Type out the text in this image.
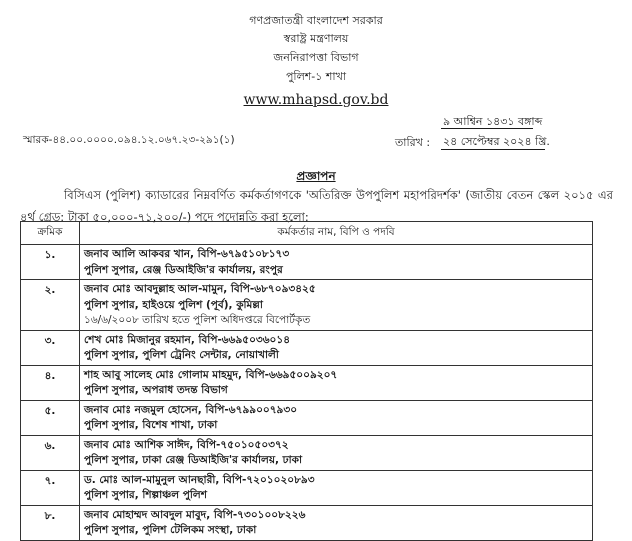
গণপ্রজাতন্ত্রী বাংলাদেশ সরকার
স্বরাষ্ট্র মন্ত্রণালয়
জননিরাপত্তা বিভাগ
পুলিশ-১ শাখা
www.mhapsd.gov.bd
স্মারক-৪৪.০০.০০০০.০৯৪.১২.০৬৭.২৩-২৯১(১)	তারিখ :
৯ আশ্বিন ১৪৩১ বঙ্গাব্দ
২৪ সেপ্টেম্বর ২০২৪ খ্রি.
প্রজ্ঞাপন
বিসিএস (পুলিশ) ক্যাডারের নিম্নবর্ণিত কর্মকর্তাগণকে 'অতিরিক্ত উপপুলিশ মহাপরিদর্শক' (জাতীয় বেতন স্কেল ২০১৫ এর ৪র্থ গ্রেড: টাকা ৫০,০০০-৭১,২০০/-) পদে পদোন্নতি করা হলো:
ক্রমিক	কর্মকর্তার নাম, বিপি ও পদবি
১.	জনাব আলি আকবর খান, বিপি-৬৭৯৫১০৮১৭৩
পুলিশ সুপার, রেঞ্জ ডিআইজি'র কার্যালয়, রংপুর

২.	জনাব মোঃ আবদুল্লাহ আল-মামুন, বিপি-৬৮৭০৯৩৪২৫
পুলিশ সুপার, হাইওয়ে পুলিশ (পূর্ব), কুমিল্লা
১৬/৬/২০০৮ তারিখ হতে পুলিশ অধিদপ্তরে বিপোর্টকৃত

৩.	শেখ মোঃ মিজানুর রহমান, বিপি-৬৬৯৫০৩৬০১৪
পুলিশ সুপার, পুলিশ ট্রেনিং সেন্টার, নোয়াখালী

৪.	শাহ আবু সালেহ মোঃ গোলাম মাহমুদ, বিপি-৬৬৯৫০০৯২০৭
পুলিশ সুপার, অপরাধ তদন্ত বিভাগ

৫.	জনাব মোঃ নজমুল হোসেন, বিপি-৬৭৯৯০০৭৯৩০
পুলিশ সুপার, বিশেষ শাখা, ঢাকা

৬.	জনাব মোঃ আশিক সাঈদ, বিপি-৭৫০১০৫০৩৭২
পুলিশ সুপার, ঢাকা রেঞ্জ ডিআইজি'র কার্যালয়, ঢাকা

৭.	ড. মোঃ আল-মামুনুল আনছারী, বিপি-৭২০১০২০৮৯৩
পুলিশ সুপার, শিল্পাঞ্চল পুলিশ

৮.	জনাব মোহাম্মদ আবদুল মাবুদ, বিপি-৭৩০১০০৮২২৬
পুলিশ সুপার, পুলিশ টেলিকম সংস্থা, ঢাকা
